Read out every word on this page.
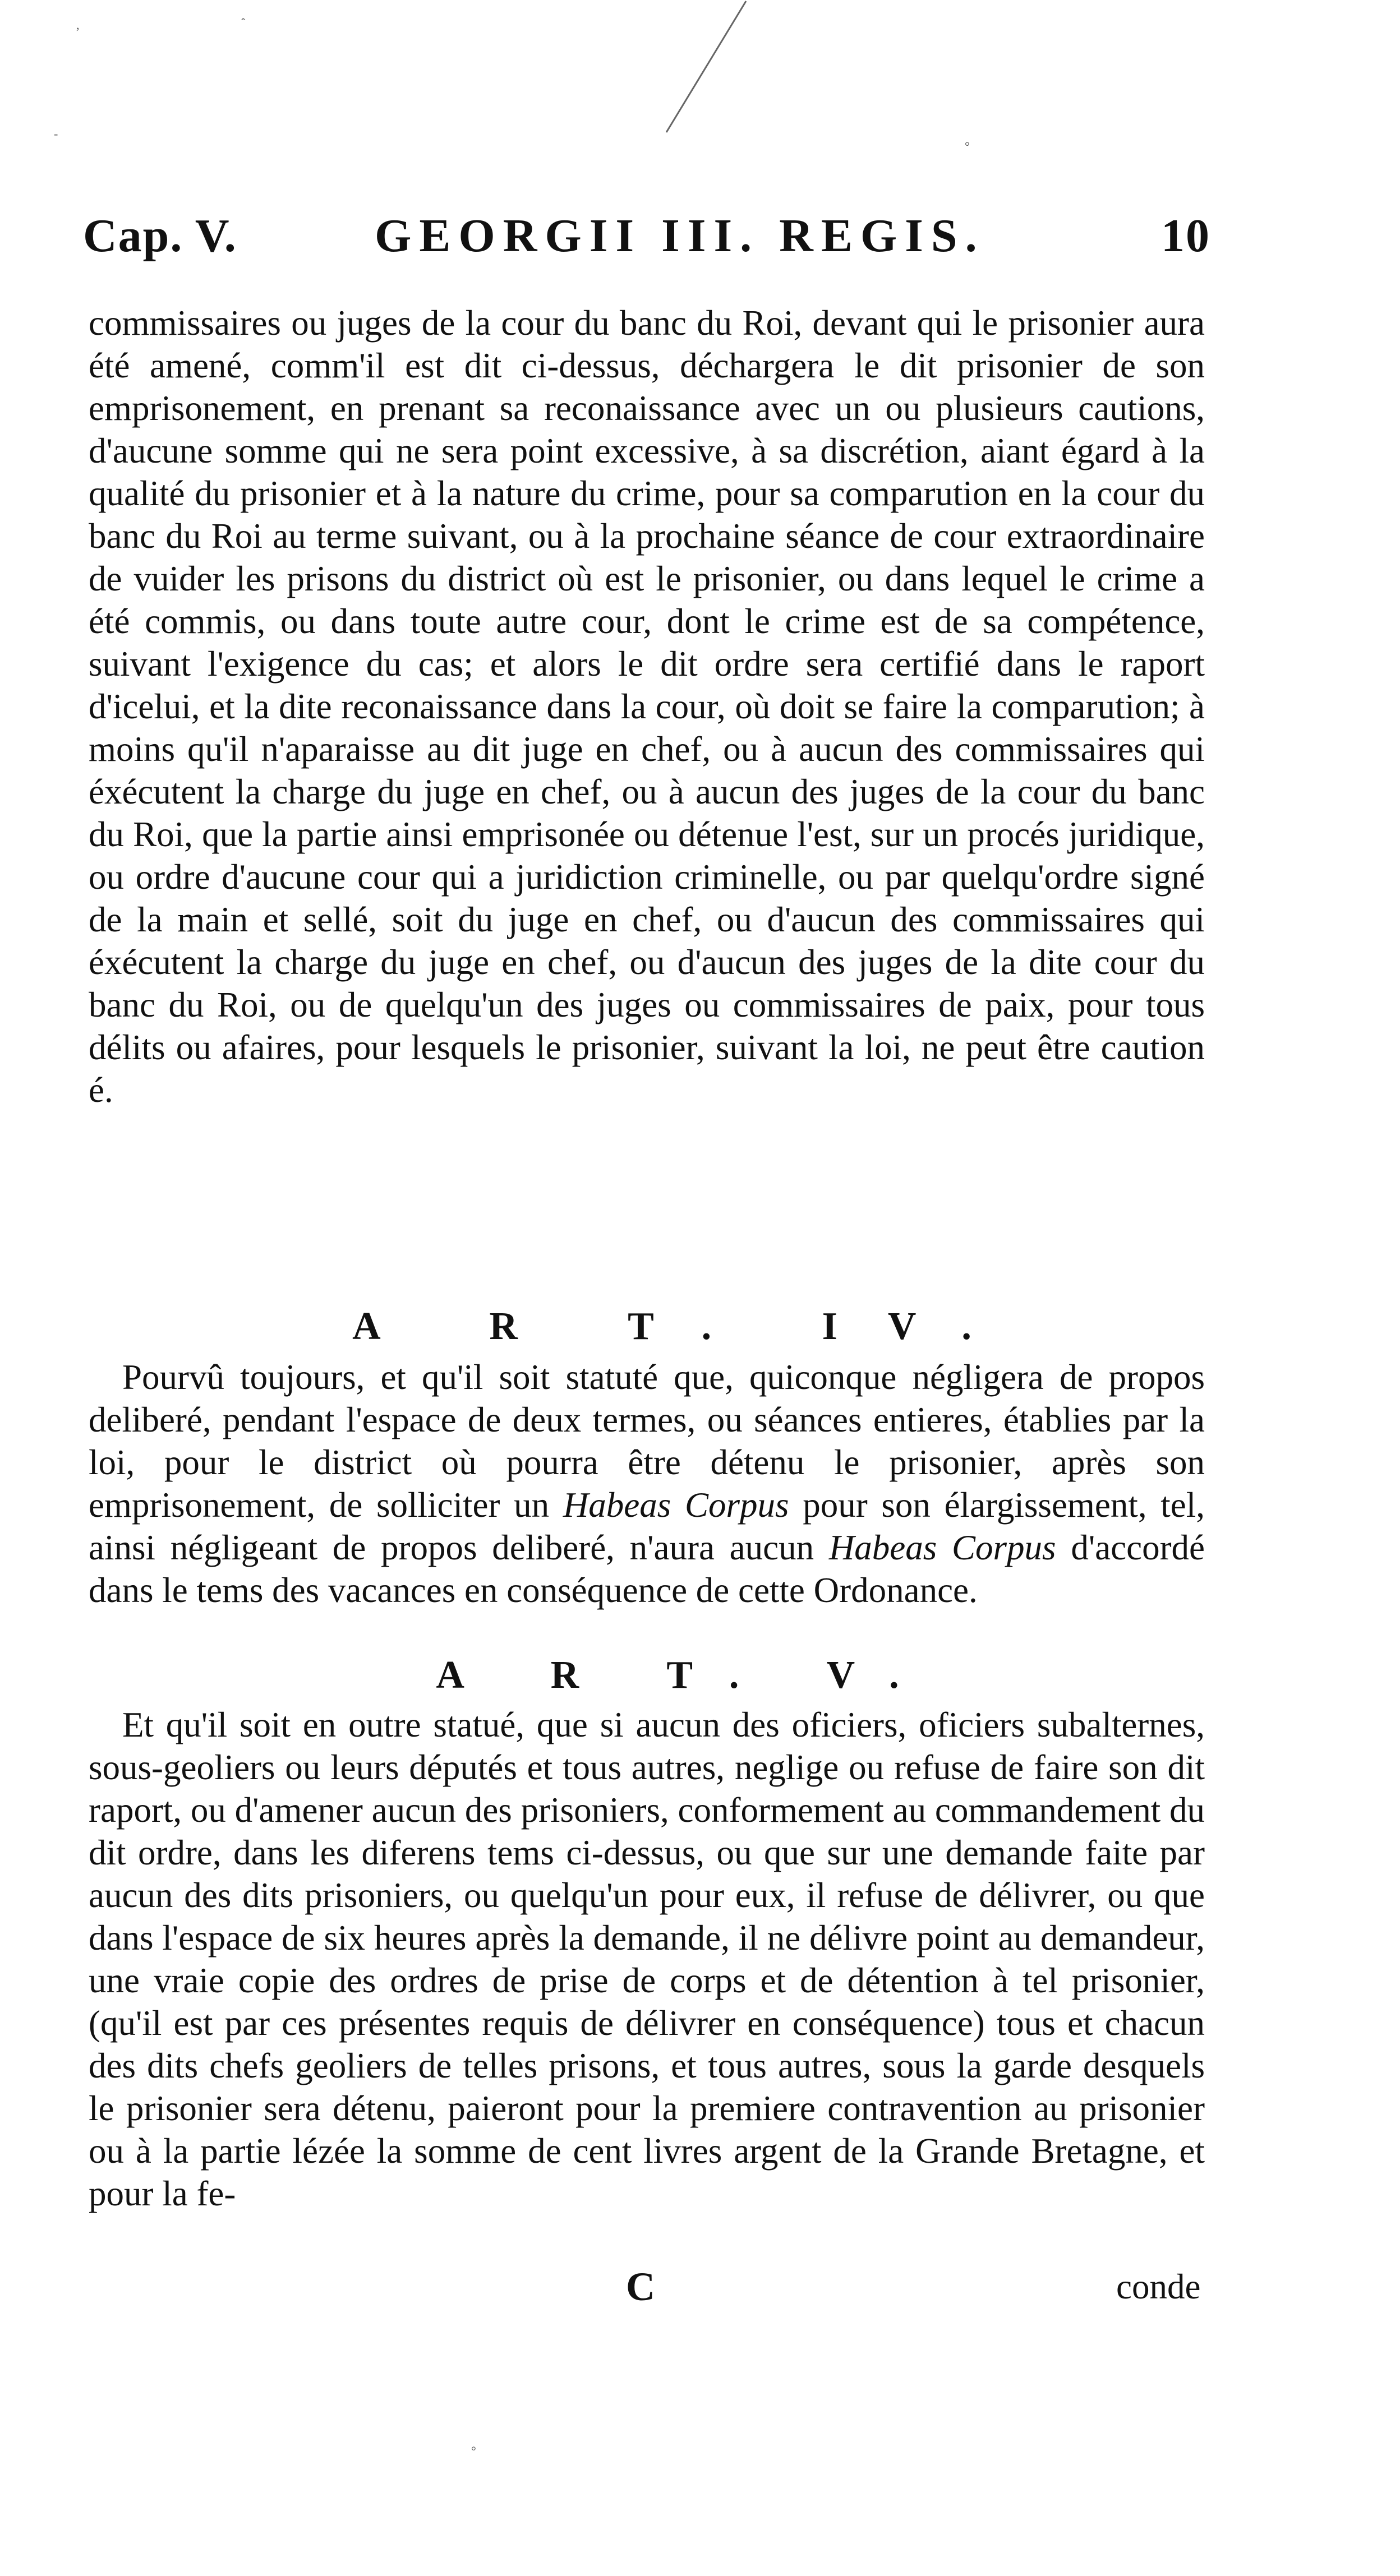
,	ˆ
-
°
Cap. V.	GEORGII III. REGIS.	10
commissaires ou juges de la cour du banc du Roi, devant qui le prisonier aura été amené, comm'il est dit ci-dessus, déchargera le dit prisonier de son emprisonement, en prenant sa reconaissance avec un ou plusieurs cautions, d'aucune somme qui ne sera point excessive, à sa discrétion, aiant égard à la qualité du prisonier et à la nature du crime, pour sa comparution en la cour du banc du Roi au terme suivant, ou à la prochaine séance de cour extraordinaire de vuider les prisons du district où est le prisonier, ou dans lequel le crime a été commis, ou dans toute autre cour, dont le crime est de sa compétence, suivant l'exigence du cas; et alors le dit ordre sera certifié dans le raport d'icelui, et la dite reconaissance dans la cour, où doit se faire la comparution; à moins qu'il n'aparaisse au dit juge en chef, ou à aucun des commissaires qui éxécutent la charge du juge en chef, ou à aucun des juges de la cour du banc du Roi, que la partie ainsi emprisonée ou détenue l'est, sur un procés juridique, ou ordre d'aucune cour qui a juridiction criminelle, ou par quelqu'ordre signé de la main et sellé, soit du juge en chef, ou d'aucun des commissaires qui éxécutent la charge du juge en chef, ou d'aucun des juges de la dite cour du banc du Roi, ou de quelqu'un des juges ou commissaires de paix, pour tous délits ou afaires, pour lesquels le prisonier, suivant la loi, ne peut être caution é.
A R T. IV.
Pourvû toujours, et qu'il soit statuté que, quiconque négligera de propos deliberé, pendant l'espace de deux termes, ou séances entieres, établies par la loi, pour le district où pourra être détenu le prisonier, après son emprisonement, de solliciter un Habeas Corpus pour son élargissement, tel, ainsi négligeant de propos deliberé, n'aura aucun Habeas Corpus d'accordé dans le tems des vacances en conséquence de cette Ordonance.
A R T. V.
Et qu'il soit en outre statué, que si aucun des oficiers, oficiers subalternes, sous-geoliers ou leurs députés et tous autres, neglige ou refuse de faire son dit raport, ou d'amener aucun des prisoniers, conformement au commandement du dit ordre, dans les diferens tems ci-dessus, ou que sur une demande faite par aucun des dits prisoniers, ou quelqu'un pour eux, il refuse de délivrer, ou que dans l'espace de six heures après la demande, il ne délivre point au demandeur, une vraie copie des ordres de prise de corps et de détention à tel prisonier, (qu'il est par ces présentes requis de délivrer en conséquence) tous et chacun des dits chefs geoliers de telles prisons, et tous autres, sous la garde desquels le prisonier sera détenu, paieront pour la premiere contravention au prisonier ou à la partie lézée la somme de cent livres argent de la Grande Bretagne, et pour la fe-
C	conde
°
